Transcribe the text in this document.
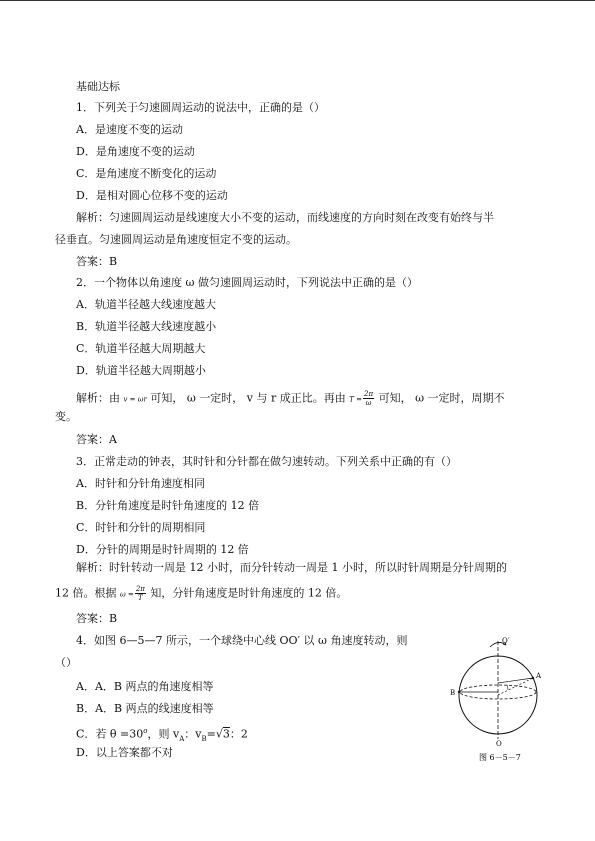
基础达标
1．下列关于匀速圆周运动的说法中，正确的是（）
A．是速度不变的运动
D．是角速度不变的运动
C．是角速度不断变化的运动
D．是相对圆心位移不变的运动
解析：匀速圆周运动是线速度大小不变的运动，而线速度的方向时刻在改变有始终与半
径垂直。匀速圆周运动是角速度恒定不变的运动。
答案：B
2．一个物体以角速度 ω 做匀速圆周运动时，下列说法中正确的是（）
A．轨道半径越大线速度越大
B．轨道半径越大线速度越小
C．轨道半径越大周期越大
D．轨道半径越大周期越小
解析：由 v = ωr 可知， ω 一定时， v 与 r 成正比。再由 $T = \frac{2\pi}{\omega}$ 可知， ω 一定时，周期不
变。
答案：A
3．正常走动的钟表，其时针和分针都在做匀速转动。下列关系中正确的有（）
A．时针和分针角速度相同
B．分针角速度是时针角速度的 12 倍
C．时针和分针的周期相同
D．分针的周期是时针周期的 12 倍
解析：时针转动一周是 12 小时，而分针转动一周是 1 小时，所以时针周期是分针周期的
12 倍。根据 $\omega = \frac{2\pi}{T}$ 知，分针角速度是时针角速度的 12 倍。
答案：B
4．如图 6—5—7 所示，一个球绕中心线 OO′ 以 ω 角速度转动，则
（）
A．A．B 两点的角速度相等
B．A．B 两点的线速度相等
C．若 $\theta =30^o$，则 $v_A$：$v_B=√3$：2
D．以上答案都不对
O′
O
A
B
图 6－5－7
